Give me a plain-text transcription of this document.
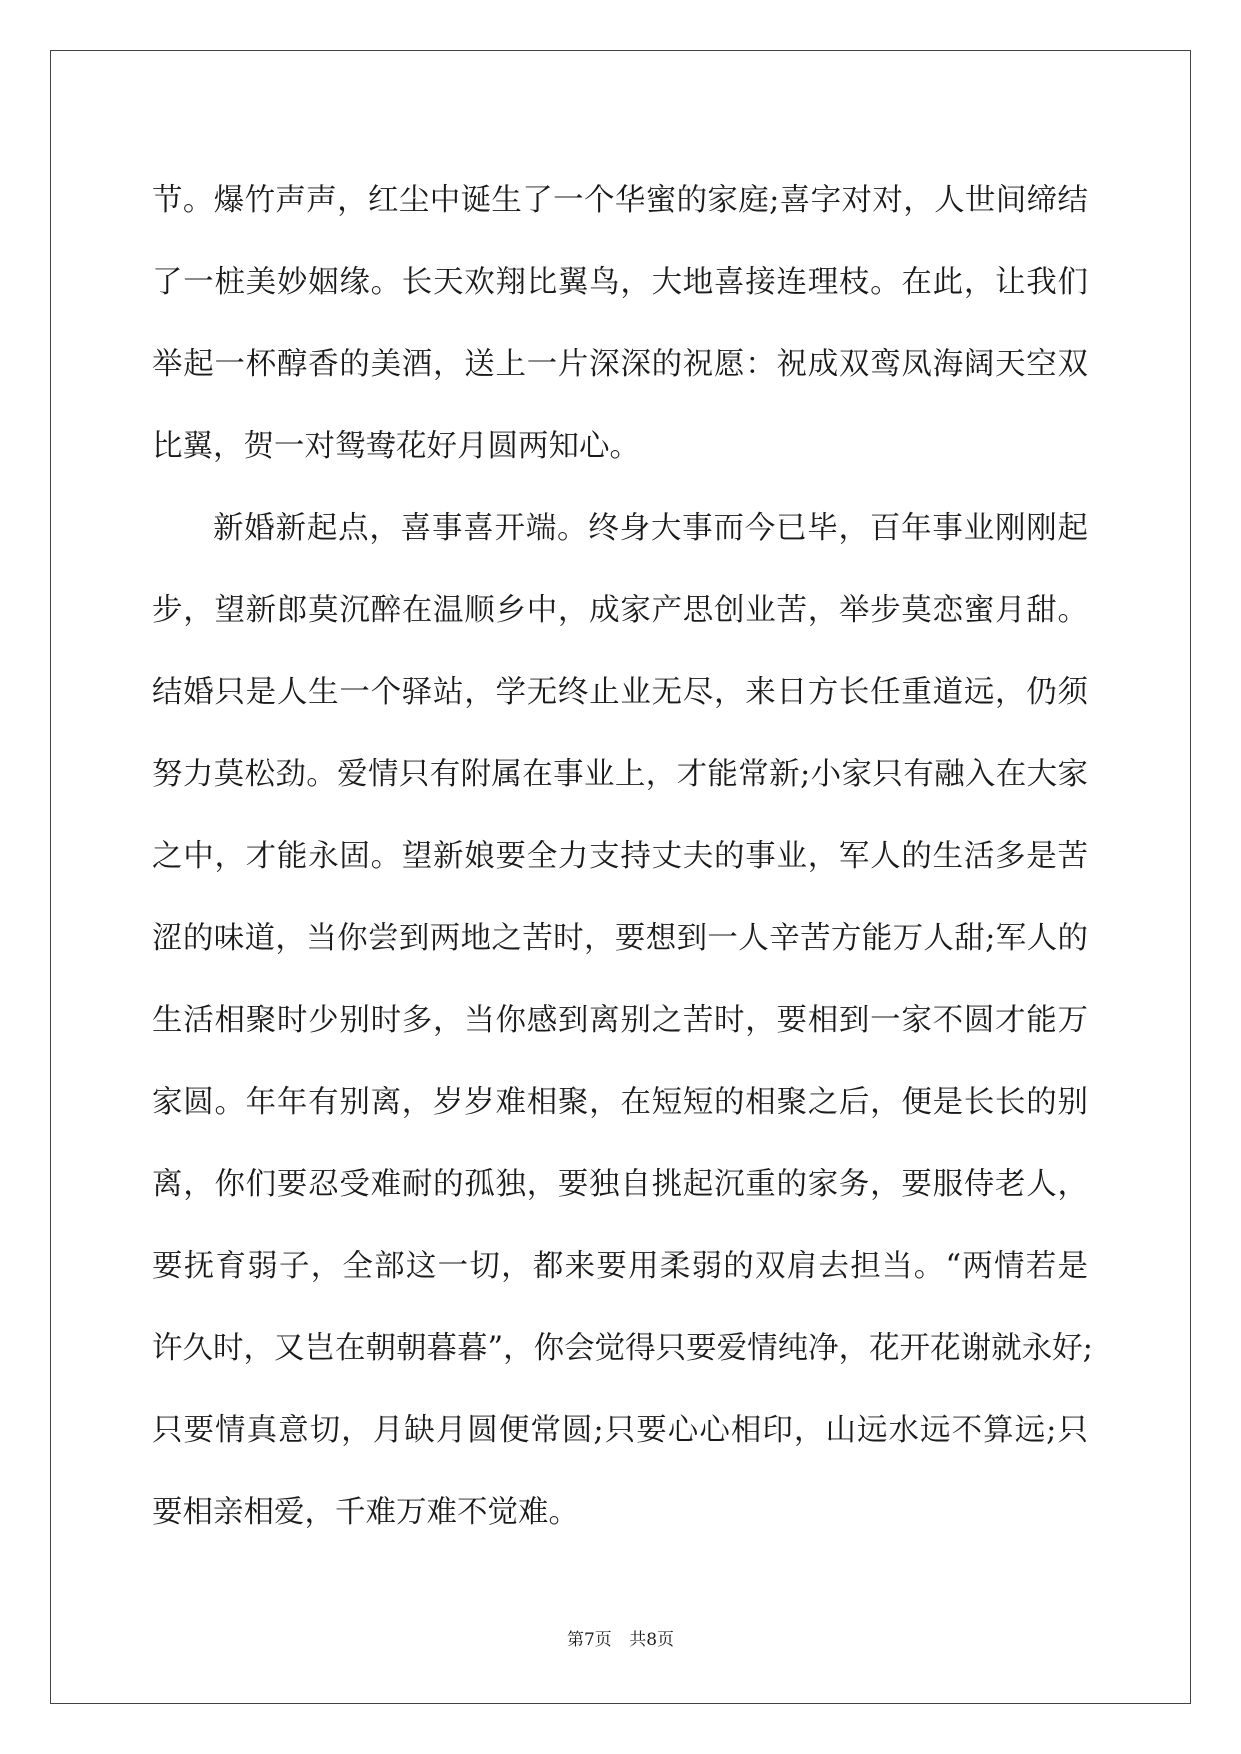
节。爆竹声声，红尘中诞生了一个华蜜的家庭;喜字对对，人世间缔结
了一桩美妙姻缘。长天欢翔比翼鸟，大地喜接连理枝。在此，让我们
举起一杯醇香的美酒，送上一片深深的祝愿：祝成双鸾凤海阔天空双
比翼，贺一对鸳鸯花好月圆两知心。
新婚新起点，喜事喜开端。终身大事而今已毕，百年事业刚刚起
步，望新郎莫沉醉在温顺乡中，成家产思创业苦，举步莫恋蜜月甜。
结婚只是人生一个驿站，学无终止业无尽，来日方长任重道远，仍须
努力莫松劲。爱情只有附属在事业上，才能常新;小家只有融入在大家
之中，才能永固。望新娘要全力支持丈夫的事业，军人的生活多是苦
涩的味道，当你尝到两地之苦时，要想到一人辛苦方能万人甜;军人的
生活相聚时少别时多，当你感到离别之苦时，要相到一家不圆才能万
家圆。年年有别离，岁岁难相聚，在短短的相聚之后，便是长长的别
离，你们要忍受难耐的孤独，要独自挑起沉重的家务，要服侍老人，
要抚育弱子，全部这一切，都来要用柔弱的双肩去担当。“两情若是
许久时，又岂在朝朝暮暮”，你会觉得只要爱情纯净，花开花谢就永好;
只要情真意切，月缺月圆便常圆;只要心心相印，山远水远不算远;只
要相亲相爱，千难万难不觉难。
第7页 共8页
